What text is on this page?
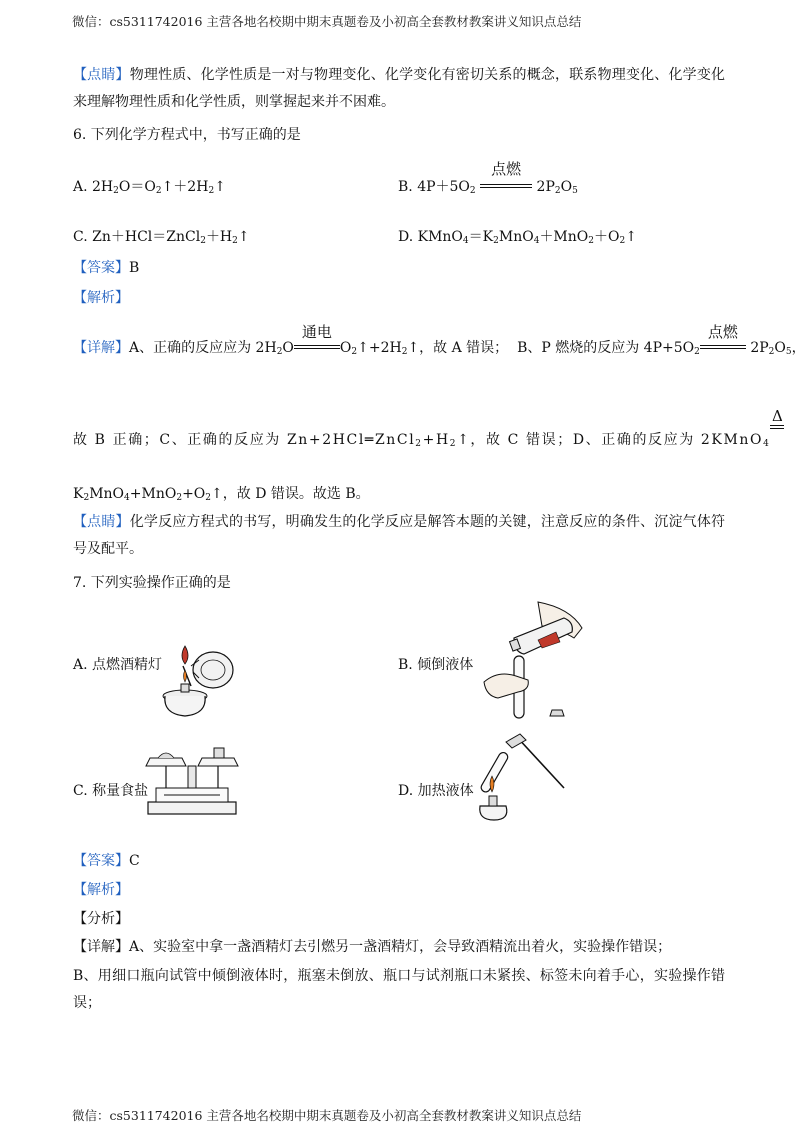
微信：cs5311742016 主营各地名校期中期末真题卷及小初高全套教材教案讲义知识点总结
【点睛】物理性质、化学性质是一对与物理变化、化学变化有密切关系的概念，联系物理变化、化学变化来理解物理性质和化学性质，则掌握起来并不困难。
6. 下列化学方程式中，书写正确的是
A. $2H_2O=O_2↑+2H_2↑$	B. $4P+5O_2$
点燃
$2P_2O_5$
C. $Zn+HCl=ZnCl_2+H_2↑$	D. $KMnO_4=K_2MnO_4+MnO_2+O_2↑$
【答案】B
【解析】
【详解】A、正确的反应应为 $2H_2O$
通电
$O_2↑+2H_2↑$，故 A 错误；  B、P 燃烧的反应为 $4P+5O_2$
点燃
$2P_2O_5$，
故 B 正确；C、正确的反应为 $Zn+2HCl═ZnCl_2+H_2↑$，故 C 错误；D、正确的反应为 2KMnO$_4$
Δ
$K_2MnO_4+MnO_2+O_2↑$，故 D 错误。故选 B。
【点睛】化学反应方程式的书写，明确发生的化学反应是解答本题的关键，注意反应的条件、沉淀气体符号及配平。
7. 下列实验操作正确的是
A. 点燃酒精灯	B. 倾倒液体
C. 称量食盐	D. 加热液体
【答案】C
【解析】
【分析】
【详解】A、实验室中拿一盏酒精灯去引燃另一盏酒精灯，会导致酒精流出着火，实验操作错误；
B、用细口瓶向试管中倾倒液体时，瓶塞未倒放、瓶口与试剂瓶口未紧挨、标签未向着手心，实验操作错误；
微信：cs5311742016 主营各地名校期中期末真题卷及小初高全套教材教案讲义知识点总结
